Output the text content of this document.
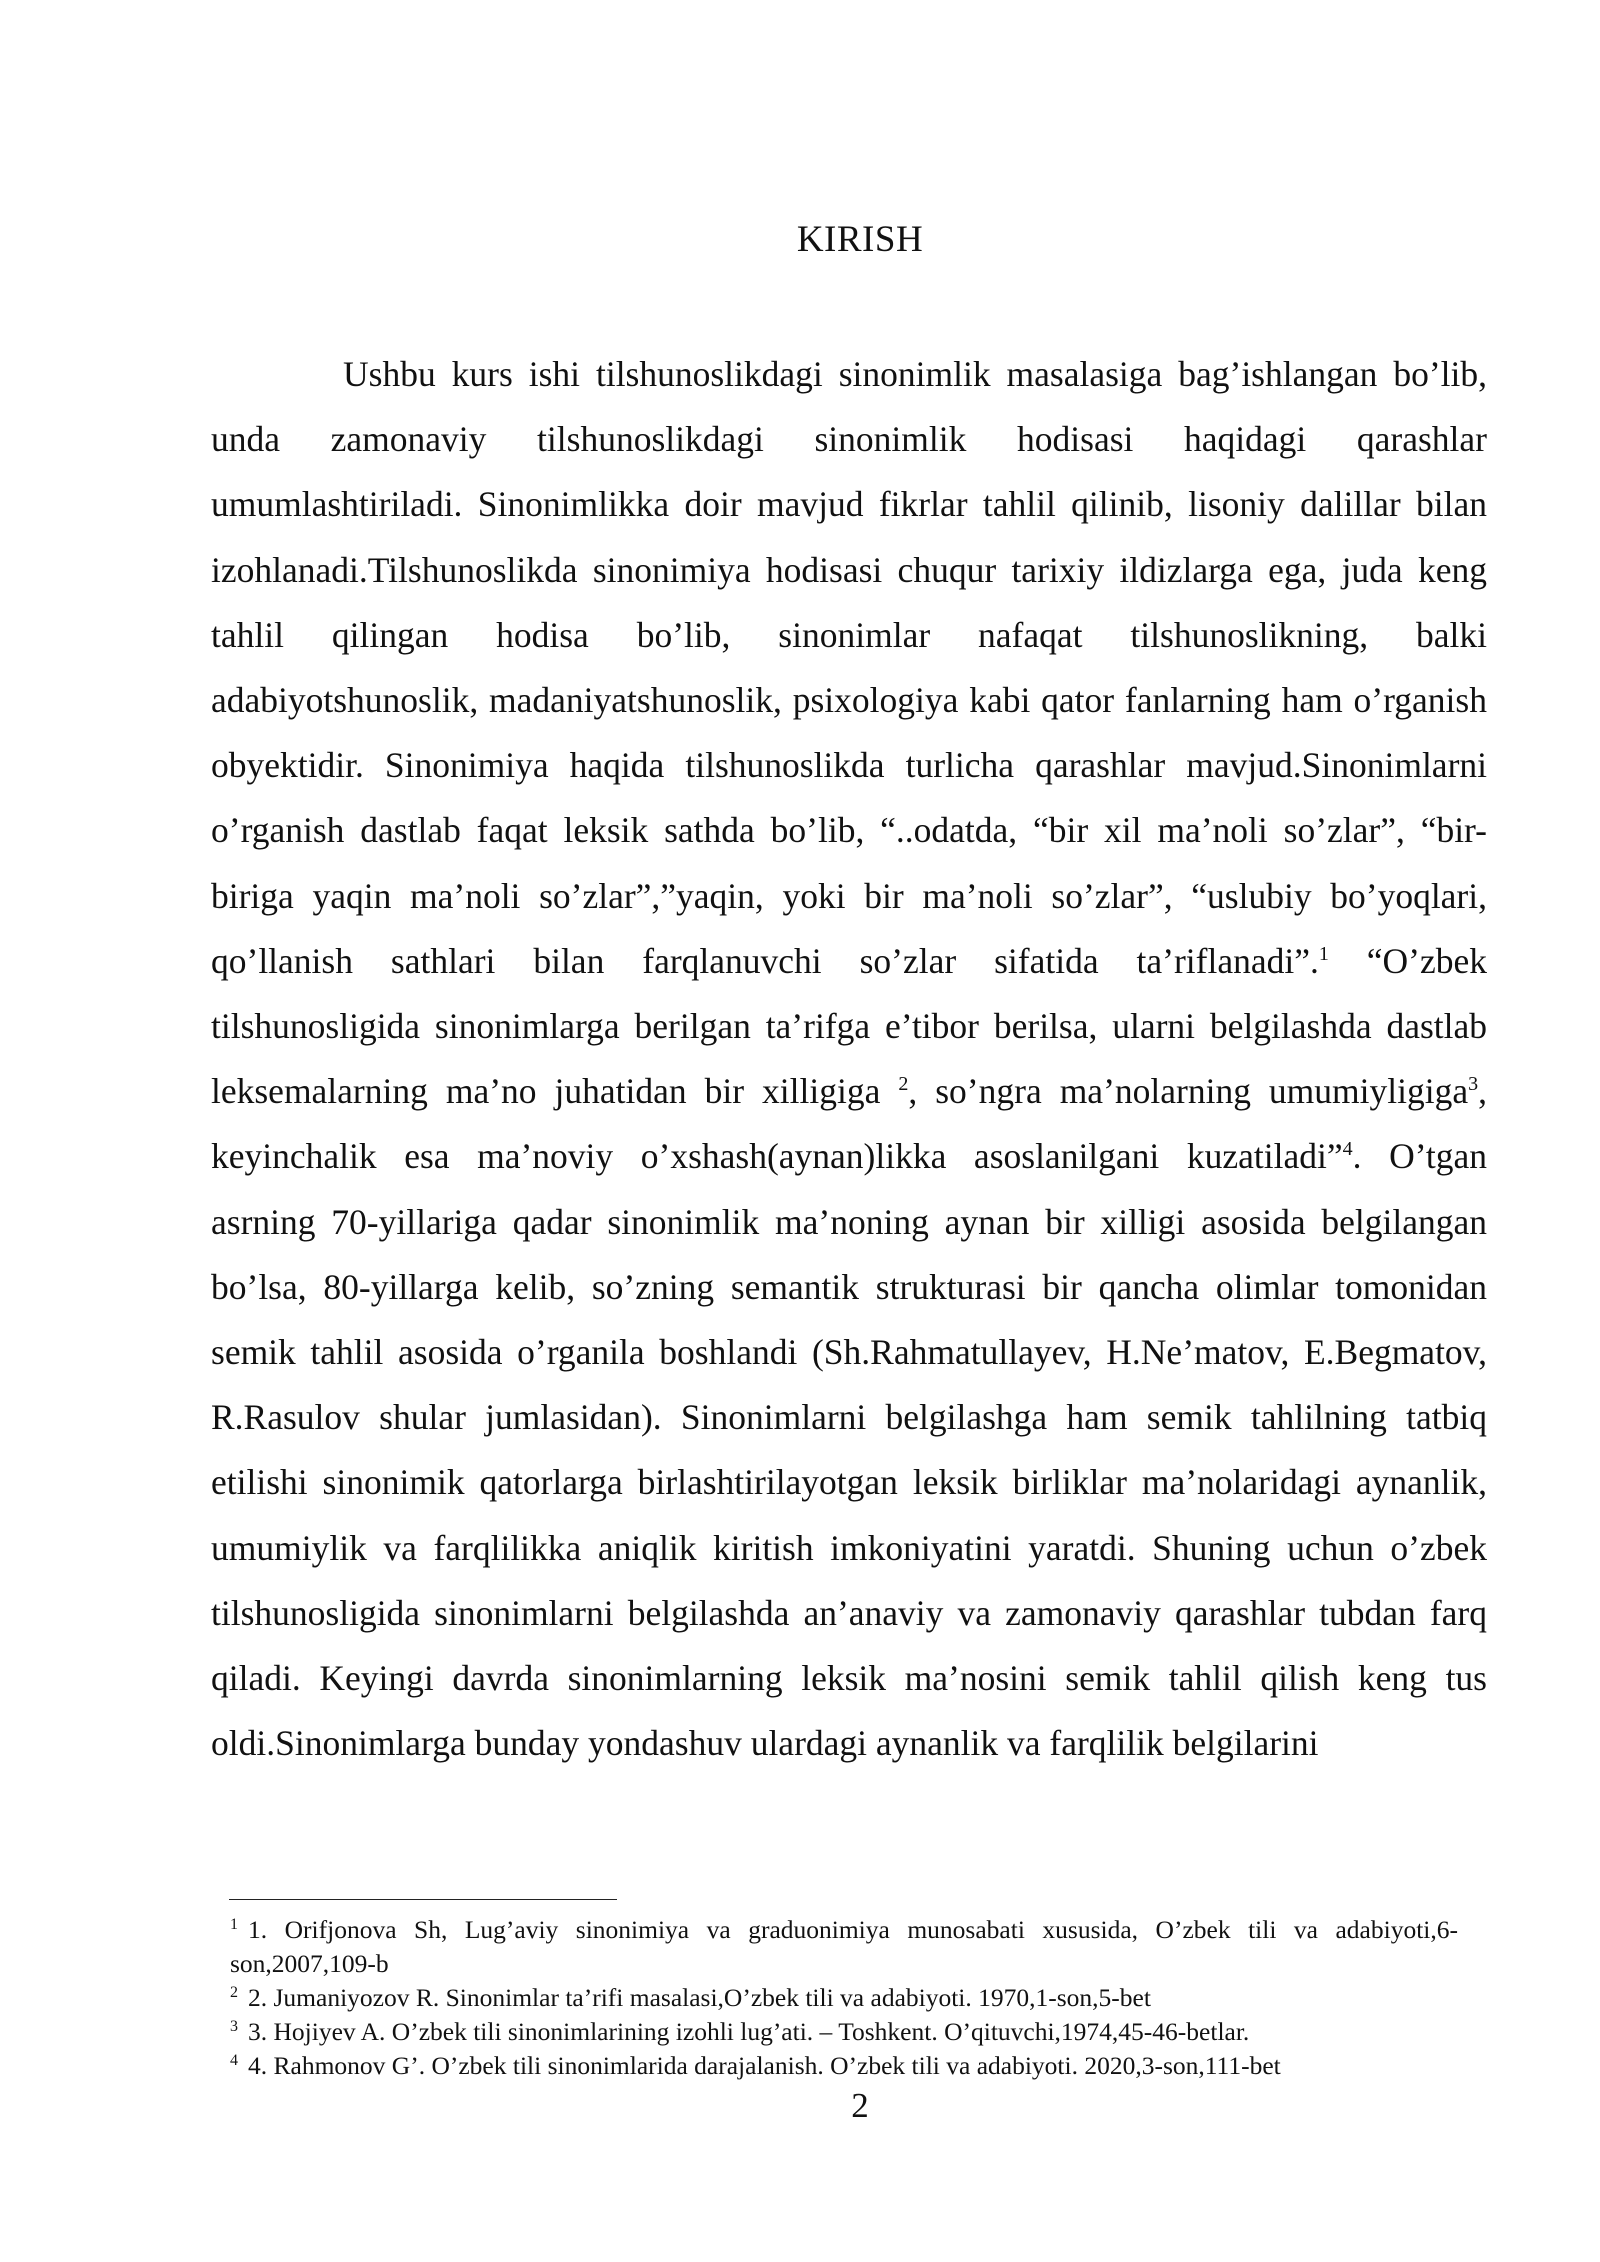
KIRISH

Ushbu kurs ishi tilshunoslikdagi sinonimlik masalasiga bag’ishlangan bo’lib, unda zamonaviy tilshunoslikdagi sinonimlik hodisasi haqidagi qarashlar umumlashtiriladi. Sinonimlikka doir mavjud fikrlar tahlil qilinib, lisoniy dalillar bilan izohlanadi.Tilshunoslikda sinonimiya hodisasi chuqur tarixiy ildizlarga ega, juda keng tahlil qilingan hodisa bo’lib, sinonimlar nafaqat tilshunoslikning, balki adabiyotshunoslik, madaniyatshunoslik, psixologiya kabi qator fanlarning ham o’rganish obyektidir. Sinonimiya haqida tilshunoslikda turlicha qarashlar mavjud.Sinonimlarni o’rganish dastlab faqat leksik sathda bo’lib, “..odatda, “bir xil ma’noli so’zlar”, “bir-biriga yaqin ma’noli so’zlar”,”yaqin, yoki bir ma’noli so’zlar”, “uslubiy bo’yoqlari, qo’llanish sathlari bilan farqlanuvchi so’zlar sifatida ta’riflanadi”.$^1$ “O’zbek tilshunosligida sinonimlarga berilgan ta’rifga e’tibor berilsa, ularni belgilashda dastlab leksemalarning ma’no juhatidan bir xilligiga $^2$, so’ngra ma’nolarning umumiyligiga$^3$, keyinchalik esa ma’noviy o’xshash(aynan)likka asoslanilgani kuzatiladi”$^4$. O’tgan asrning 70-yillariga qadar sinonimlik ma’noning aynan bir xilligi asosida belgilangan bo’lsa, 80-yillarga kelib, so’zning semantik strukturasi bir qancha olimlar tomonidan semik tahlil asosida o’rganila boshlandi (Sh.Rahmatullayev, H.Ne’matov, E.Begmatov, R.Rasulov shular jumlasidan). Sinonimlarni belgilashga ham semik tahlilning tatbiq etilishi sinonimik qatorlarga birlashtirilayotgan leksik birliklar ma’nolaridagi aynanlik, umumiylik va farqlilikka aniqlik kiritish imkoniyatini yaratdi. Shuning uchun o’zbek tilshunosligida sinonimlarni belgilashda an’anaviy va zamonaviy qarashlar tubdan farq qiladi. Keyingi davrda sinonimlarning leksik ma’nosini semik tahlil qilish keng tus oldi.Sinonimlarga bunday yondashuv ulardagi aynanlik va farqlilik belgilarini

$^1$ 1. Orifjonova Sh, Lug’aviy sinonimiya va graduonimiya munosabati xususida, O’zbek tili va adabiyoti,6-son,2007,109-b

$^2$ 2. Jumaniyozov R. Sinonimlar ta’rifi masalasi,O’zbek tili va adabiyoti. 1970,1-son,5-bet

$^3$ 3. Hojiyev A. O’zbek tili sinonimlarining izohli lug’ati. – Toshkent. O’qituvchi,1974,45-46-betlar.

$^4$ 4. Rahmonov G’. O’zbek tili sinonimlarida darajalanish. O’zbek tili va adabiyoti. 2020,3-son,111-bet

2
